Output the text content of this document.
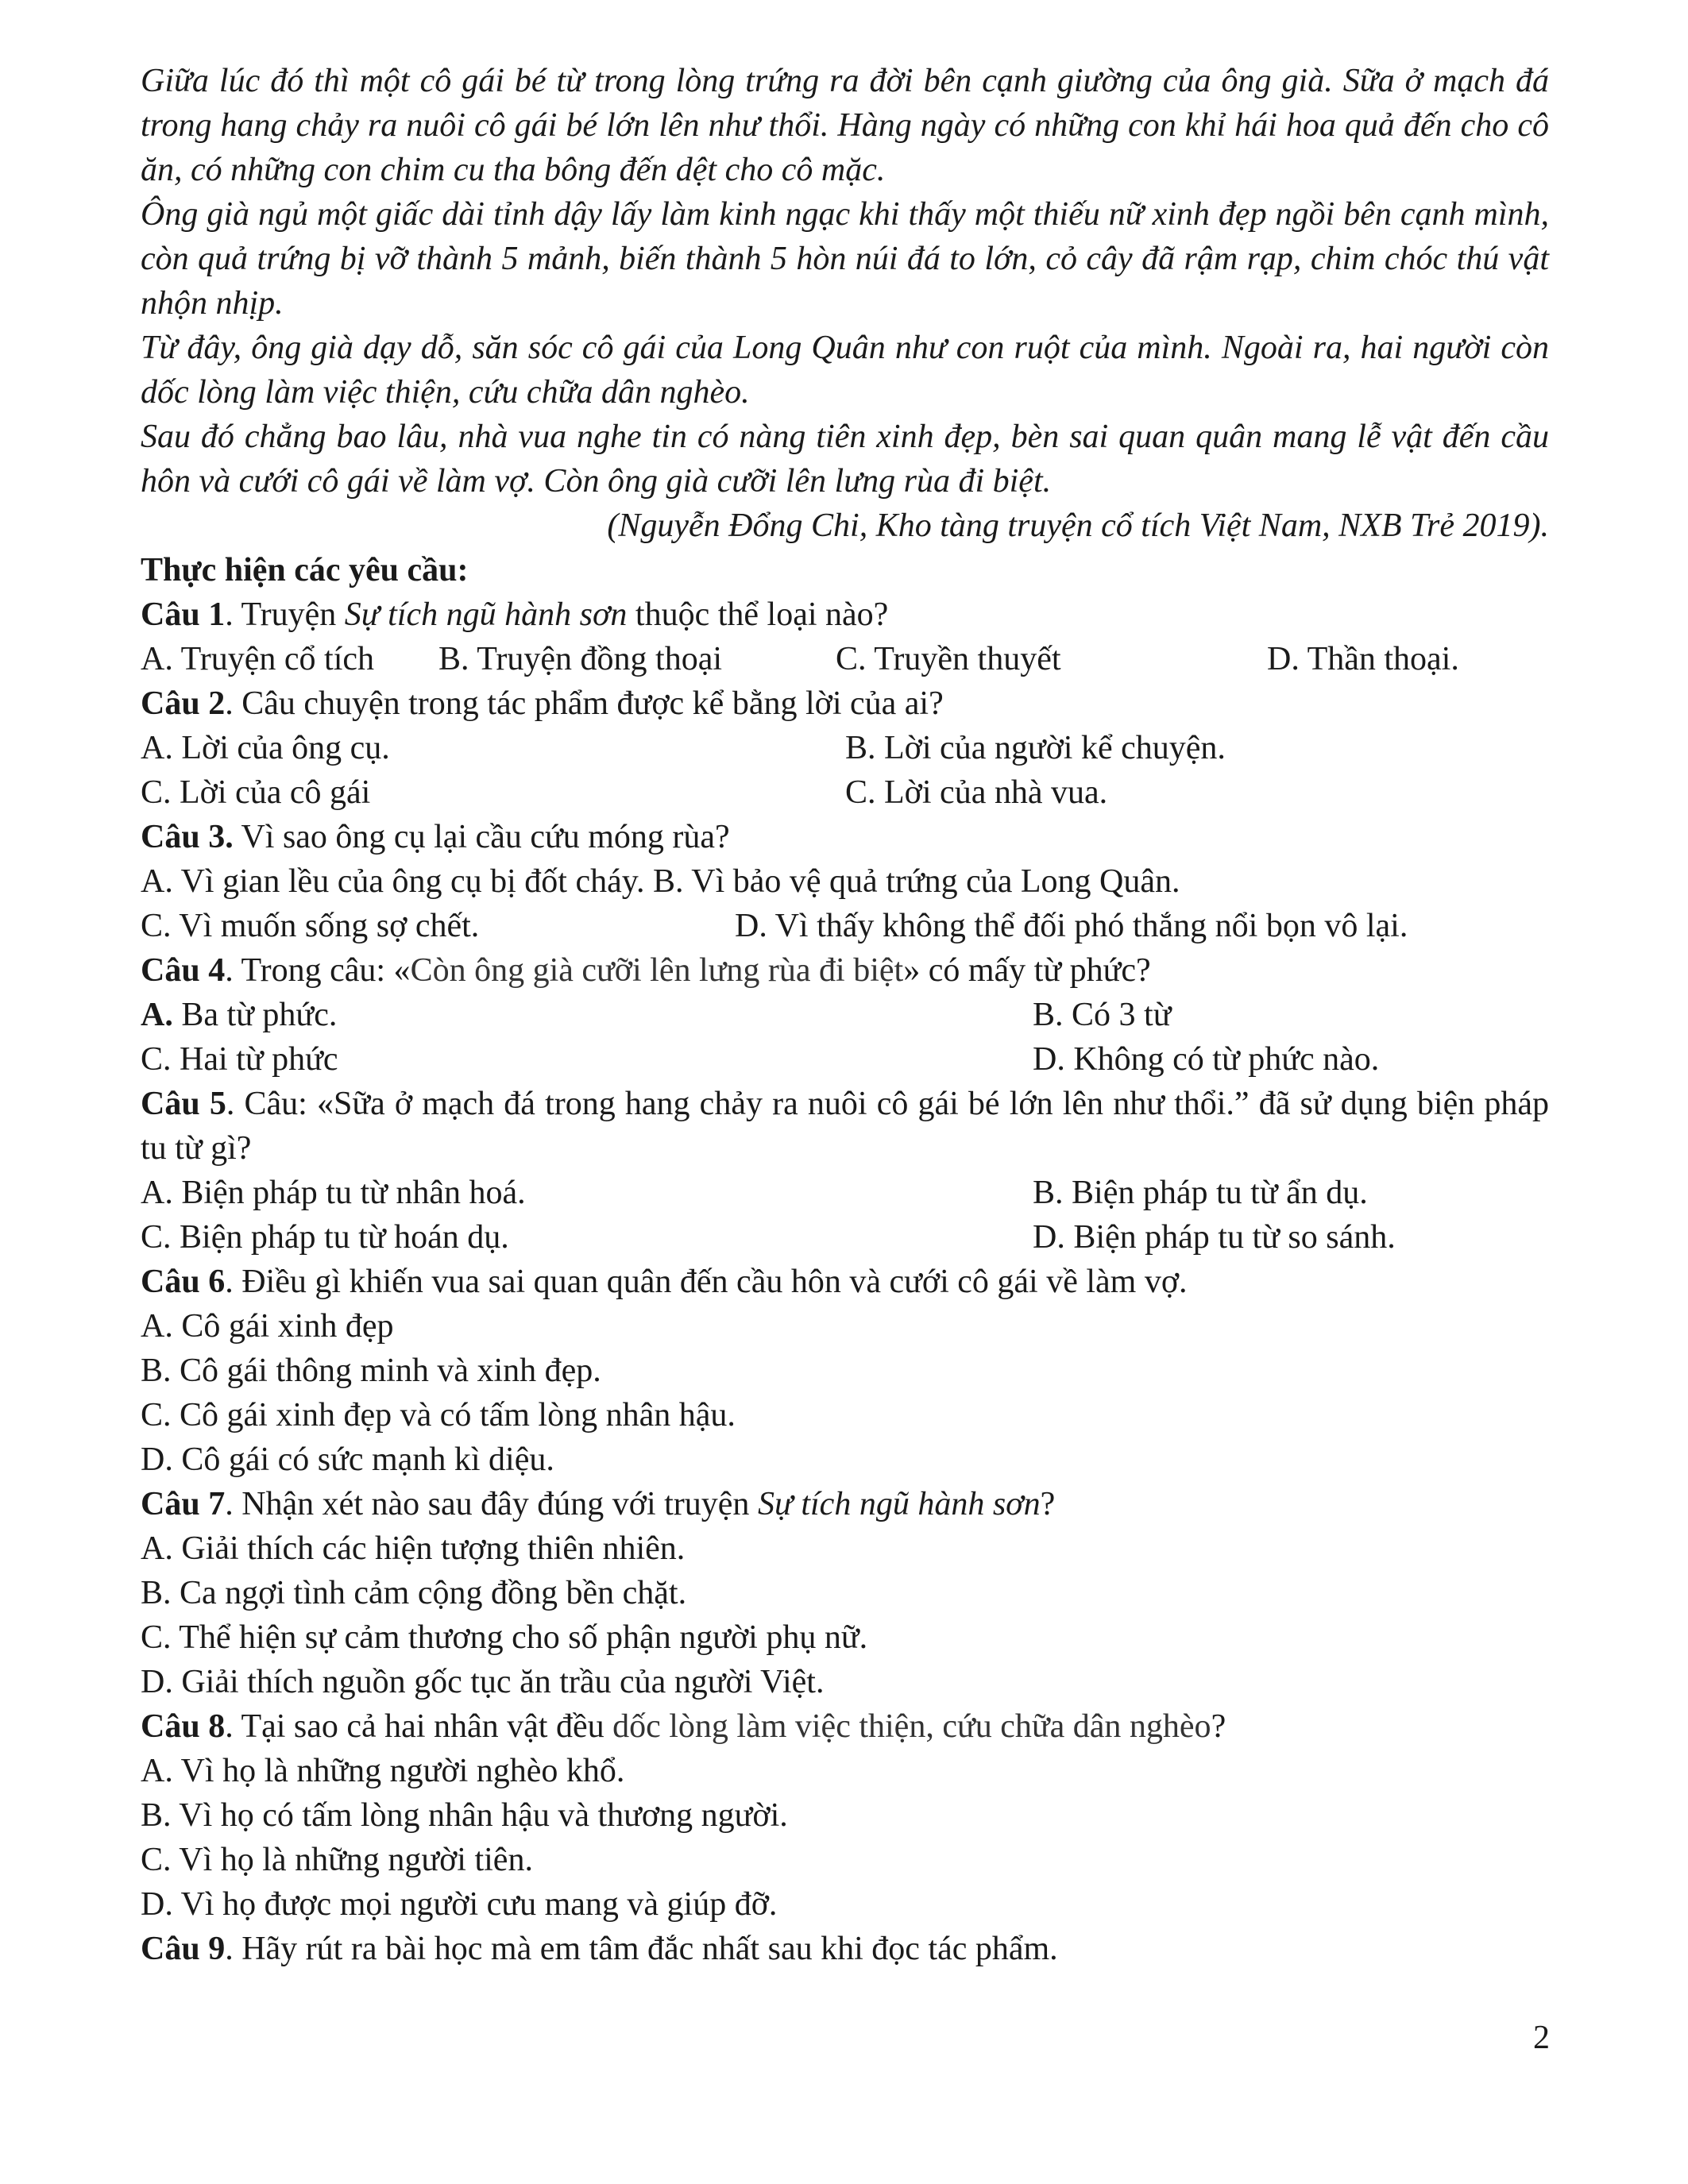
Giữa lúc đó thì một cô gái bé từ trong lòng trứng ra đời bên cạnh giường của ông già. Sữa ở mạch đá trong hang chảy ra nuôi cô gái bé lớn lên như thổi. Hàng ngày có những con khỉ hái hoa quả đến cho cô ăn, có những con chim cu tha bông đến dệt cho cô mặc.

Ông già ngủ một giấc dài tỉnh dậy lấy làm kinh ngạc khi thấy một thiếu nữ xinh đẹp ngồi bên cạnh mình, còn quả trứng bị vỡ thành 5 mảnh, biến thành 5 hòn núi đá to lớn, cỏ cây đã rậm rạp, chim chóc thú vật nhộn nhịp.

Từ đây, ông già dạy dỗ, săn sóc cô gái của Long Quân như con ruột của mình. Ngoài ra, hai người còn dốc lòng làm việc thiện, cứu chữa dân nghèo.

Sau đó chẳng bao lâu, nhà vua nghe tin có nàng tiên xinh đẹp, bèn sai quan quân mang lễ vật đến cầu hôn và cưới cô gái về làm vợ. Còn ông già cưỡi lên lưng rùa đi biệt.

(Nguyễn Đổng Chi, Kho tàng truyện cổ tích Việt Nam, NXB Trẻ 2019).

Thực hiện các yêu cầu:

Câu 1. Truyện Sự tích ngũ hành sơn thuộc thể loại nào?

A. Truyện cổ tích B. Truyện đồng thoại	C. Truyền thuyết	D. Thần thoại.

Câu 2. Câu chuyện trong tác phẩm được kể bằng lời của ai?

A. Lời của ông cụ.	B. Lời của người kể chuyện.
C. Lời của cô gái	C. Lời của nhà vua.

Câu 3. Vì sao ông cụ lại cầu cứu móng rùa?

A. Vì gian lều của ông cụ bị đốt cháy. B. Vì bảo vệ quả trứng của Long Quân.

C. Vì muốn sống sợ chết.	D. Vì thấy không thể đối phó thắng nổi bọn vô lại.

Câu 4. Trong câu: «Còn ông già cưỡi lên lưng rùa đi biệt» có mấy từ phức?

A. Ba từ phức.	B. Có 3 từ
C. Hai từ phức	D. Không có từ phức nào.

Câu 5. Câu: «Sữa ở mạch đá trong hang chảy ra nuôi cô gái bé lớn lên như thổi.” đã sử dụng biện pháp tu từ gì?

A. Biện pháp tu từ nhân hoá.	B. Biện pháp tu từ ẩn dụ.
C. Biện pháp tu từ hoán dụ.	D. Biện pháp tu từ so sánh.

Câu 6. Điều gì khiến vua sai quan quân đến cầu hôn và cưới cô gái về làm vợ.

A. Cô gái xinh đẹp

B. Cô gái thông minh và xinh đẹp.

C. Cô gái xinh đẹp và có tấm lòng nhân hậu.

D. Cô gái có sức mạnh kì diệu.

Câu 7. Nhận xét nào sau đây đúng với truyện Sự tích ngũ hành sơn?

A. Giải thích các hiện tượng thiên nhiên.

B. Ca ngợi tình cảm cộng đồng bền chặt.

C. Thể hiện sự cảm thương cho số phận người phụ nữ.

D. Giải thích nguồn gốc tục ăn trầu của người Việt.

Câu 8. Tại sao cả hai nhân vật đều dốc lòng làm việc thiện, cứu chữa dân nghèo?

A. Vì họ là những người nghèo khổ.

B. Vì họ có tấm lòng nhân hậu và thương người.

C. Vì họ là những người tiên.

D. Vì họ được mọi người cưu mang và giúp đỡ.

Câu 9. Hãy rút ra bài học mà em tâm đắc nhất sau khi đọc tác phẩm.

2
